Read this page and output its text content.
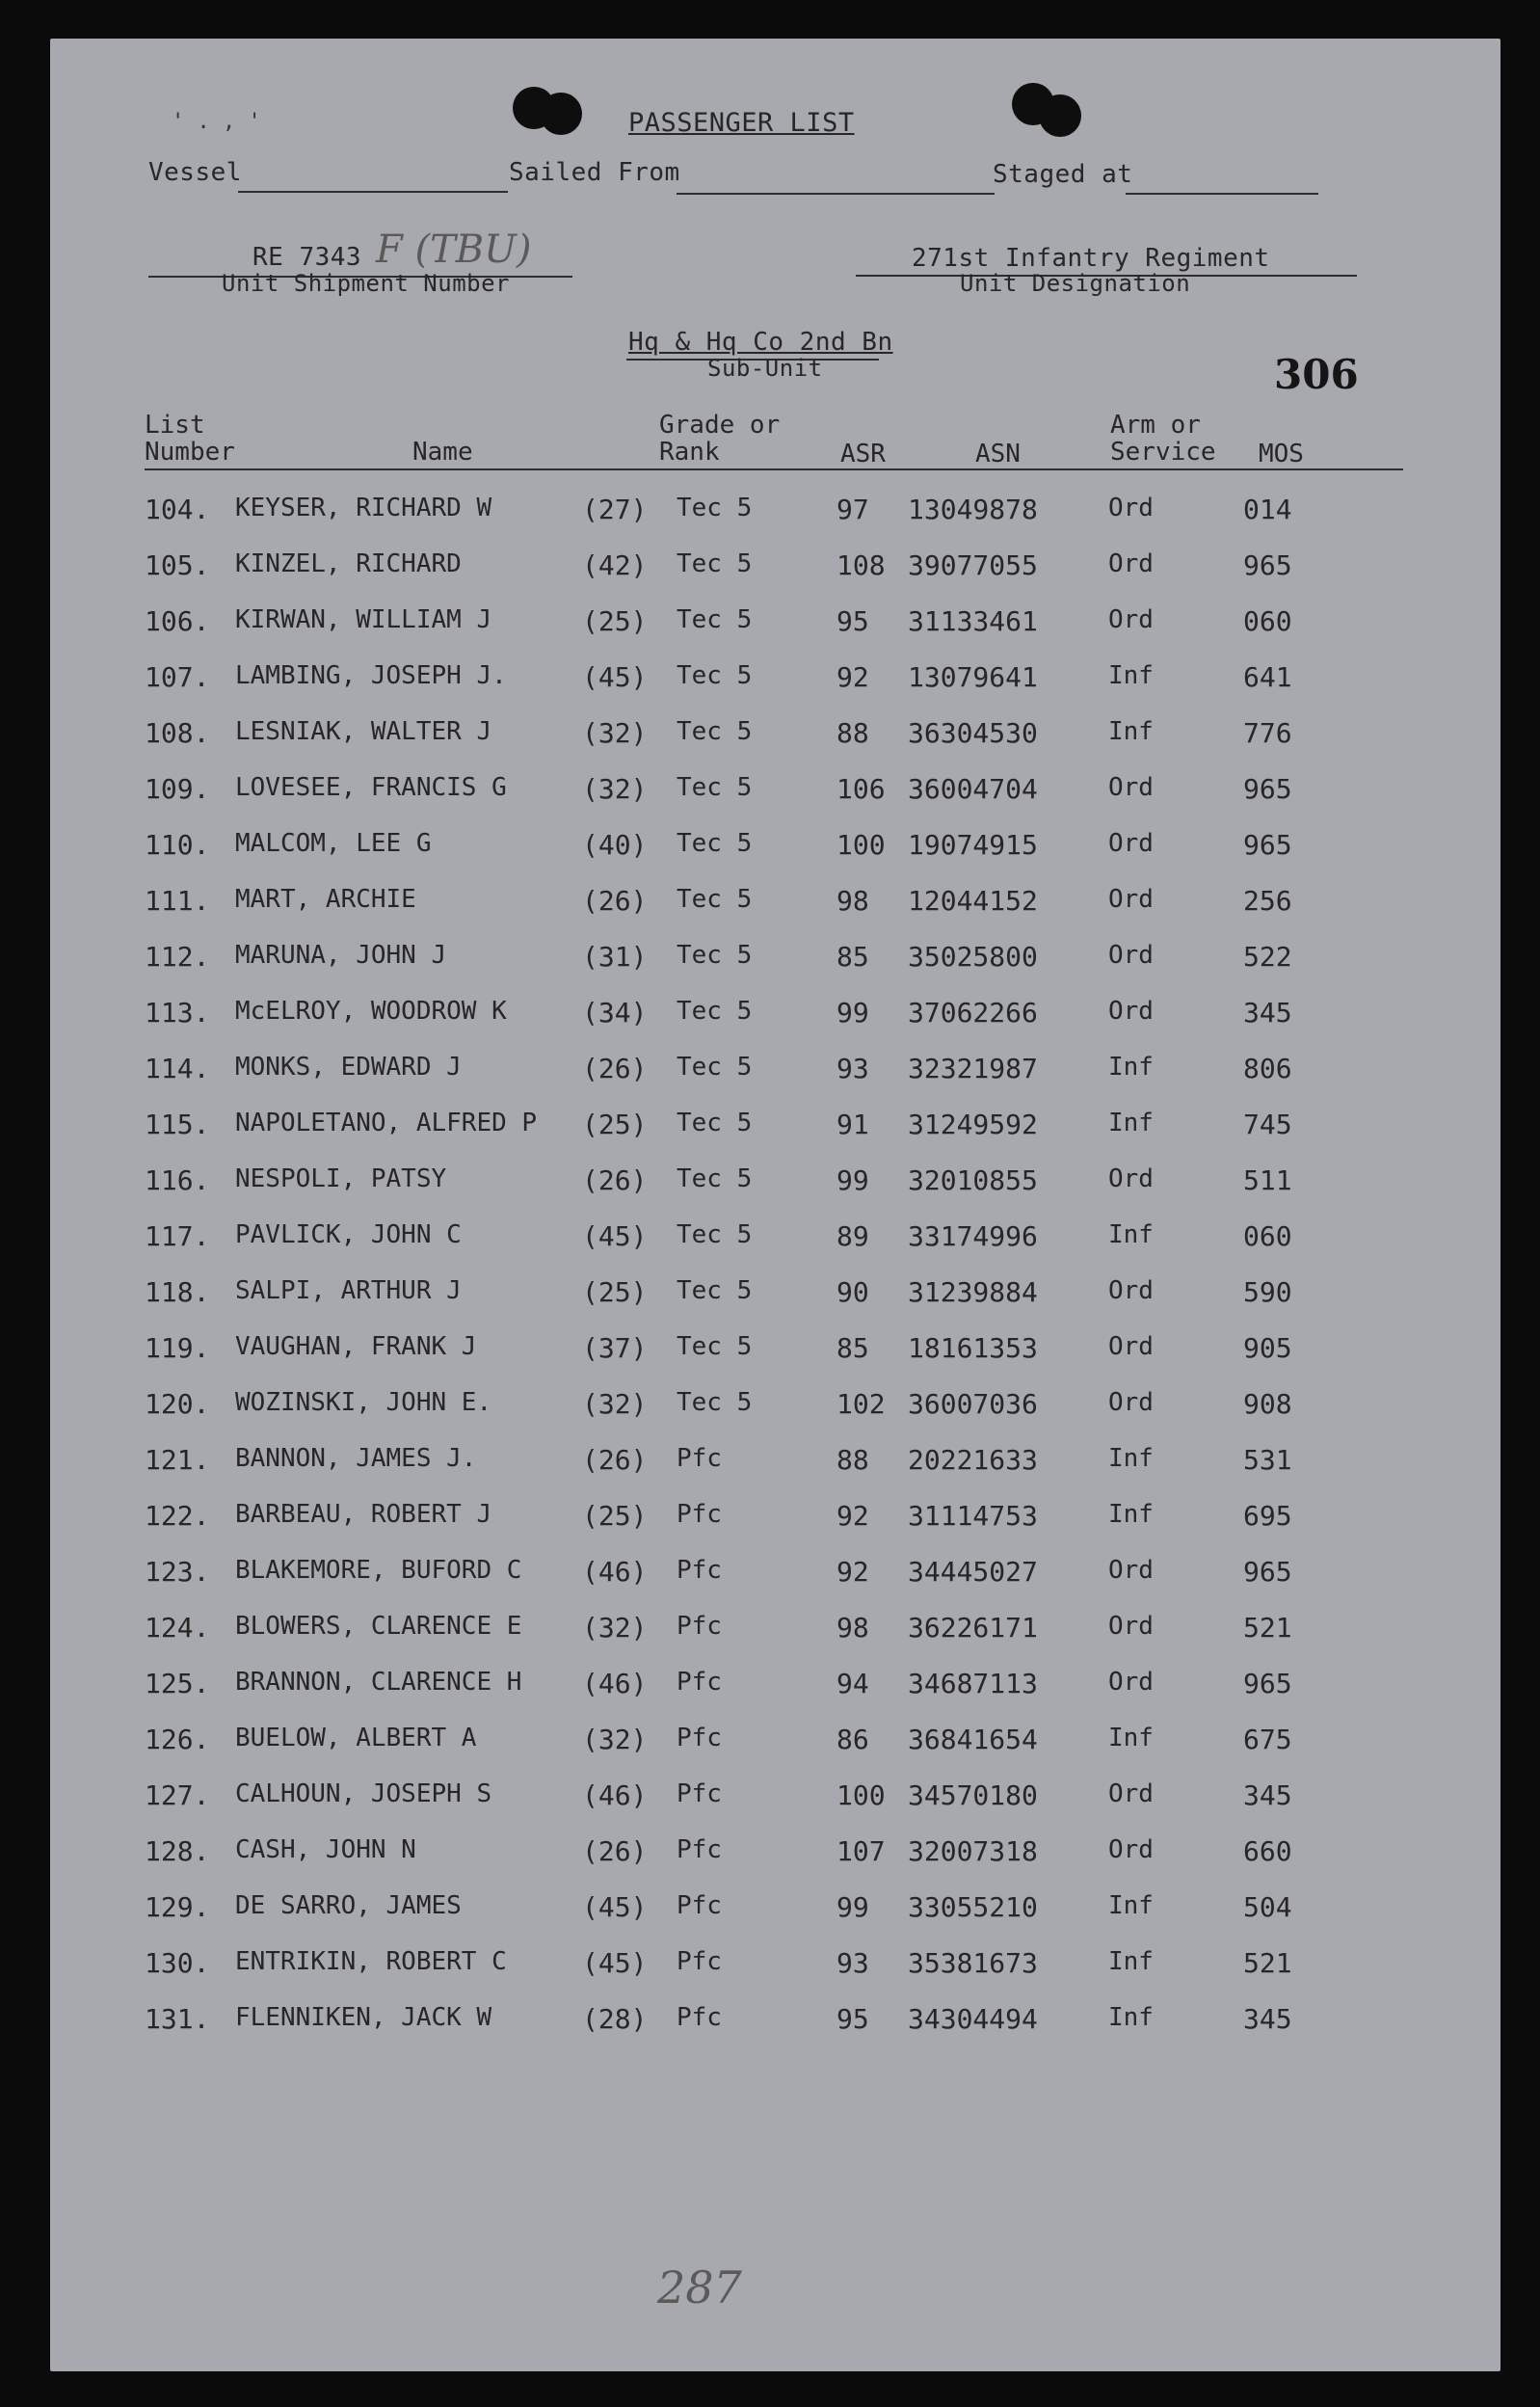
' . , '	PASSENGER LIST
Vessel	Sailed From	Staged at
RE 7343 F (TBU)
Unit Shipment Number
271st Infantry Regiment
Unit Designation
Hq & Hq Co 2nd Bn
Sub-Unit	306
List
Number	Name
Grade or
Rank	ASR	ASN
Arm or
Service MOS
104. KEYSER, RICHARD W	(27) Tec 5	97 13049878	Ord	014
105. KINZEL, RICHARD	(42) Tec 5	108 39077055	Ord	965
106. KIRWAN, WILLIAM J	(25) Tec 5	95 31133461	Ord	060
107. LAMBING, JOSEPH J.	(45) Tec 5	92 13079641	Inf	641
108. LESNIAK, WALTER J	(32) Tec 5	88 36304530	Inf	776
109. LOVESEE, FRANCIS G	(32) Tec 5	106 36004704	Ord	965
110. MALCOM, LEE G	(40) Tec 5	100 19074915	Ord	965
111. MART, ARCHIE	(26) Tec 5	98 12044152	Ord	256
112. MARUNA, JOHN J	(31) Tec 5	85 35025800	Ord	522
113. McELROY, WOODROW K	(34) Tec 5	99 37062266	Ord	345
114. MONKS, EDWARD J	(26) Tec 5	93 32321987	Inf	806
115. NAPOLETANO, ALFRED P (25) Tec 5	91 31249592	Inf	745
116. NESPOLI, PATSY	(26) Tec 5	99 32010855	Ord	511
117. PAVLICK, JOHN C	(45) Tec 5	89 33174996	Inf	060
118. SALPI, ARTHUR J	(25) Tec 5	90 31239884	Ord	590
119. VAUGHAN, FRANK J	(37) Tec 5	85 18161353	Ord	905
120. WOZINSKI, JOHN E.	(32) Tec 5	102 36007036	Ord	908
121. BANNON, JAMES J.	(26) Pfc	88 20221633	Inf	531
122. BARBEAU, ROBERT J	(25) Pfc	92 31114753	Inf	695
123. BLAKEMORE, BUFORD C (46) Pfc	92 34445027	Ord	965
124. BLOWERS, CLARENCE E (32) Pfc	98 36226171	Ord	521
125. BRANNON, CLARENCE H (46) Pfc	94 34687113	Ord	965
126. BUELOW, ALBERT A	(32) Pfc	86 36841654	Inf	675
127. CALHOUN, JOSEPH S	(46) Pfc	100 34570180	Ord	345
128. CASH, JOHN N	(26) Pfc	107 32007318	Ord	660
129. DE SARRO, JAMES	(45) Pfc	99 33055210	Inf	504
130. ENTRIKIN, ROBERT C	(45) Pfc	93 35381673	Inf	521
131. FLENNIKEN, JACK W	(28) Pfc	95 34304494	Inf	345
287
